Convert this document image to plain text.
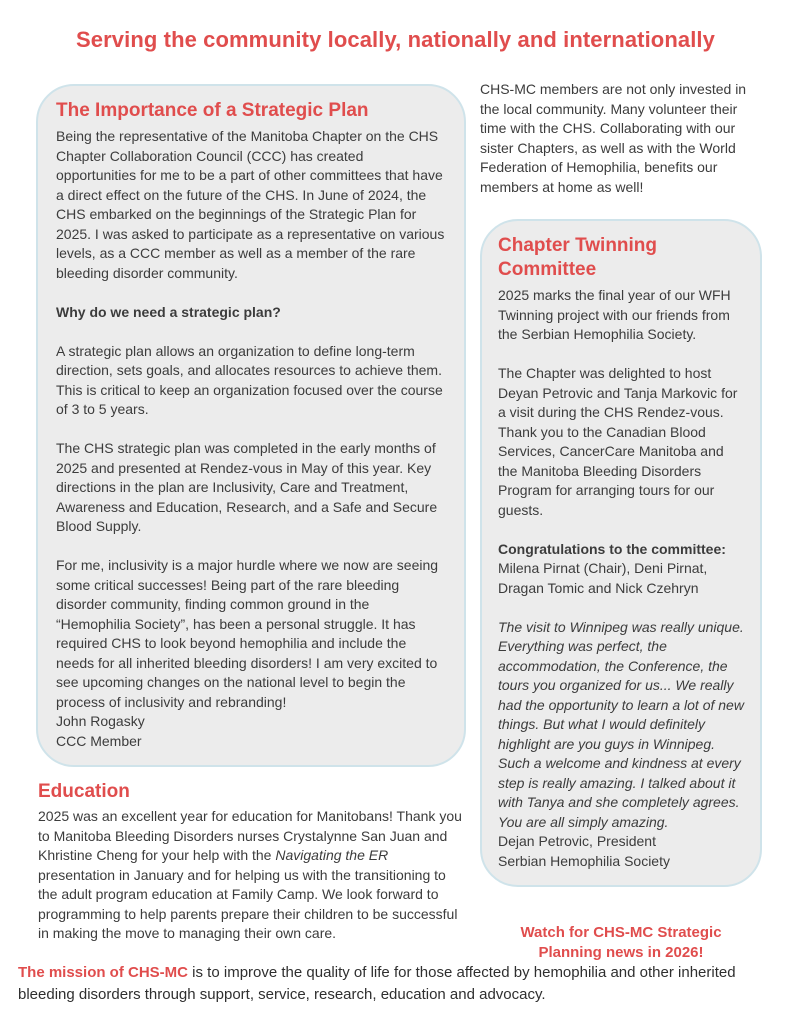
Serving the community locally, nationally and internationally
The Importance of a Strategic Plan

Being the representative of the Manitoba Chapter on the CHS Chapter Collaboration Council (CCC) has created opportunities for me to be a part of other committees that have a direct effect on the future of the CHS. In June of 2024, the CHS embarked on the beginnings of the Strategic Plan for 2025. I was asked to participate as a representative on various levels, as a CCC member as well as a member of the rare bleeding disorder community.

Why do we need a strategic plan?

A strategic plan allows an organization to define long-term direction, sets goals, and allocates resources to achieve them. This is critical to keep an organization focused over the course of 3 to 5 years.

The CHS strategic plan was completed in the early months of 2025 and presented at Rendez-vous in May of this year. Key directions in the plan are Inclusivity, Care and Treatment, Awareness and Education, Research, and a Safe and Secure Blood Supply.

For me, inclusivity is a major hurdle where we now are seeing some critical successes! Being part of the rare bleeding disorder community, finding common ground in the “Hemophilia Society”, has been a personal struggle. It has required CHS to look beyond hemophilia and include the needs for all inherited bleeding disorders! I am very excited to see upcoming changes on the national level to begin the process of inclusivity and rebranding!

John Rogasky
CCC Member
Education

2025 was an excellent year for education for Manitobans! Thank you to Manitoba Bleeding Disorders nurses Crystalynne San Juan and Khristine Cheng for your help with the Navigating the ER presentation in January and for helping us with the transitioning to the adult program education at Family Camp. We look forward to programming to help parents prepare their children to be successful in making the move to managing their own care.

CHS-MC members are not only invested in the local community. Many volunteer their time with the CHS. Collaborating with our sister Chapters, as well as with the World Federation of Hemophilia, benefits our members at home as well!

Chapter Twinning Committee

2025 marks the final year of our WFH Twinning project with our friends from the Serbian Hemophilia Society.

The Chapter was delighted to host Deyan Petrovic and Tanja Markovic for a visit during the CHS Rendez-vous. Thank you to the Canadian Blood Services, CancerCare Manitoba and the Manitoba Bleeding Disorders Program for arranging tours for our guests.

Congratulations to the committee:

Milena Pirnat (Chair), Deni Pirnat, Dragan Tomic and Nick Czehryn

The visit to Winnipeg was really unique. Everything was perfect, the accommodation, the Conference, the tours you organized for us... We really had the opportunity to learn a lot of new things. But what I would definitely highlight are you guys in Winnipeg. Such a welcome and kindness at every step is really amazing. I talked about it with Tanya and she completely agrees. You are all simply amazing.

Dejan Petrovic, President
Serbian Hemophilia Society
Watch for CHS-MC Strategic Planning news in 2026!
The mission of CHS-MC is to improve the quality of life for those affected by hemophilia and other inherited bleeding disorders through support, service, research, education and advocacy.
